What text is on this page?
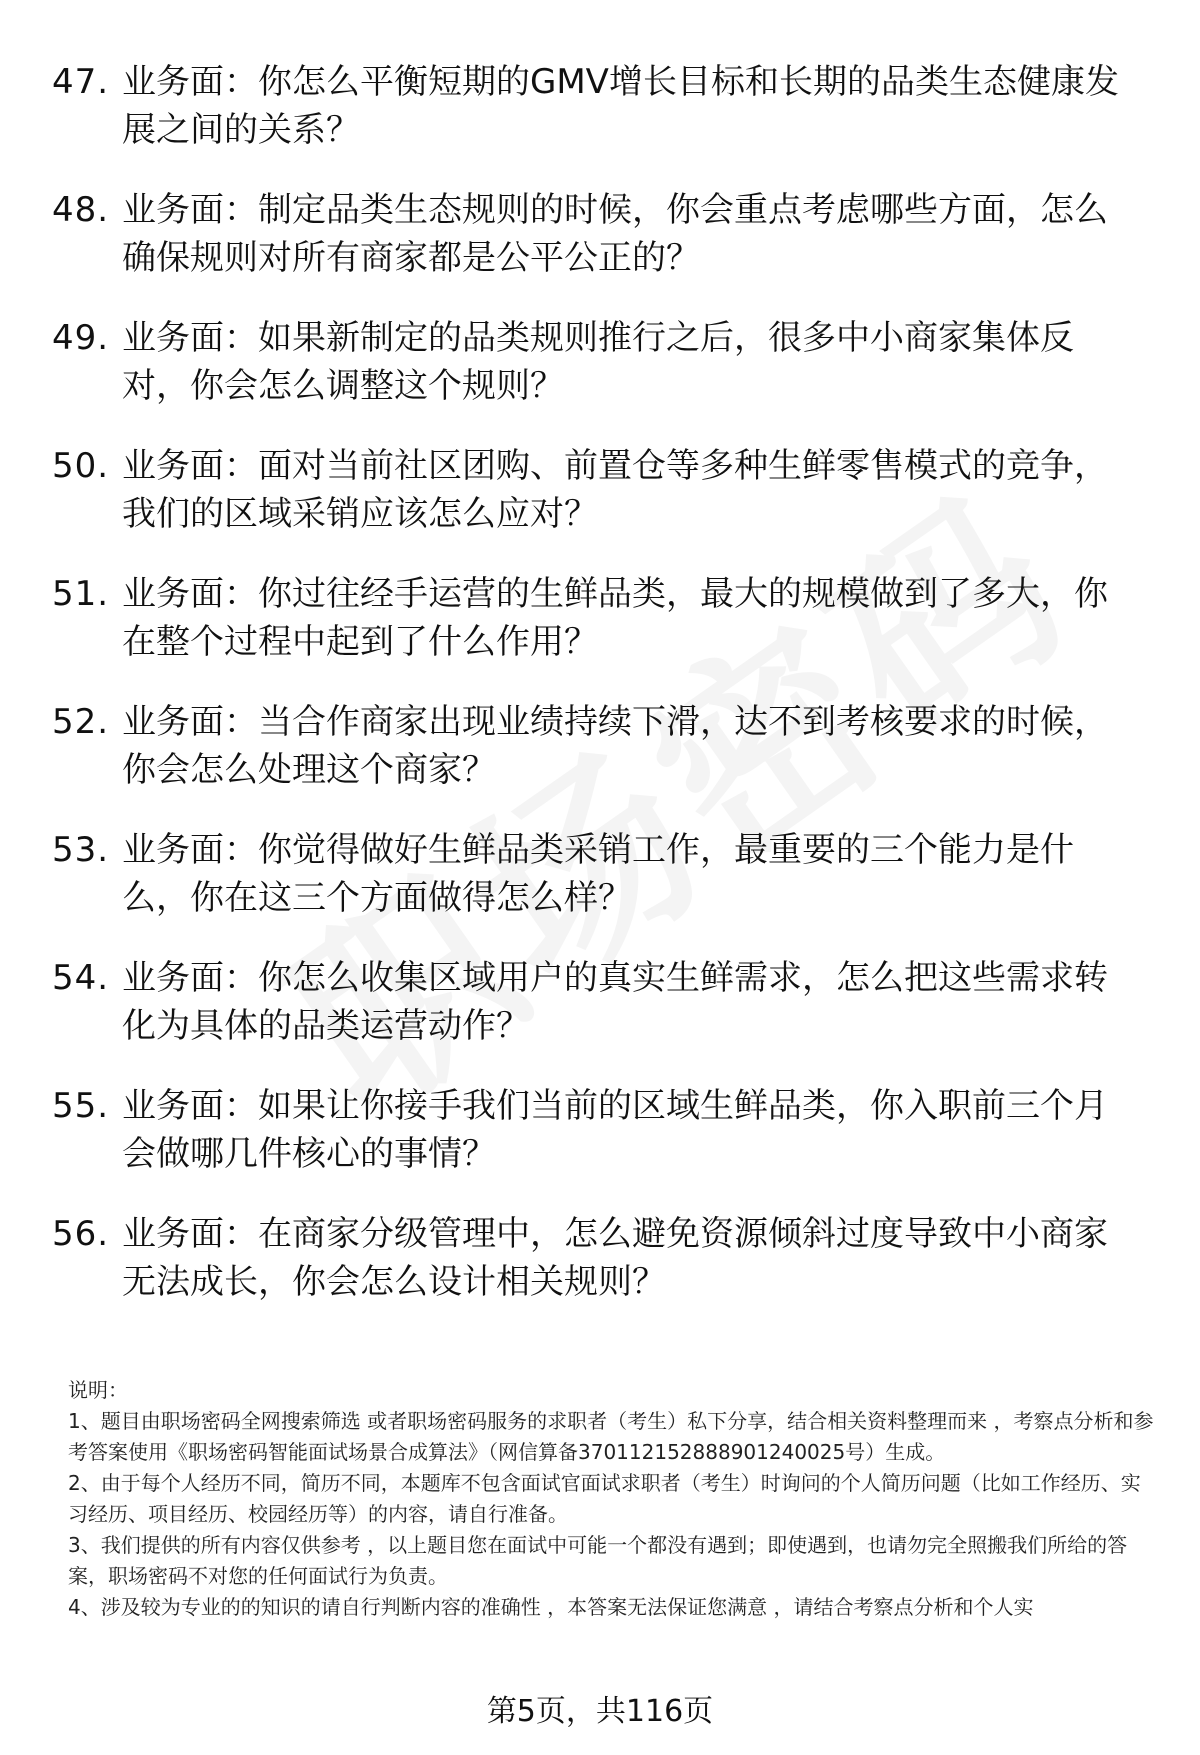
47. 业务面：你怎么平衡短期的GMV增长目标和长期的品类生态健康发展之间的关系？
48. 业务面：制定品类生态规则的时候，你会重点考虑哪些方面，怎么确保规则对所有商家都是公平公正的？
49. 业务面：如果新制定的品类规则推行之后，很多中小商家集体反对，你会怎么调整这个规则？
50. 业务面：面对当前社区团购、前置仓等多种生鲜零售模式的竞争，我们的区域采销应该怎么应对？
51. 业务面：你过往经手运营的生鲜品类，最大的规模做到了多大，你在整个过程中起到了什么作用？
52. 业务面：当合作商家出现业绩持续下滑，达不到考核要求的时候，你会怎么处理这个商家？
53. 业务面：你觉得做好生鲜品类采销工作，最重要的三个能力是什么，你在这三个方面做得怎么样？
54. 业务面：你怎么收集区域用户的真实生鲜需求，怎么把这些需求转化为具体的品类运营动作？
55. 业务面：如果让你接手我们当前的区域生鲜品类，你入职前三个月会做哪几件核心的事情？
56. 业务面：在商家分级管理中，怎么避免资源倾斜过度导致中小商家无法成长，你会怎么设计相关规则？

说明：

1、题目由职场密码全网搜索筛选 或者职场密码服务的求职者（考生）私下分享，结合相关资料整理而来 ，考察点分析和参考答案使用《职场密码智能面试场景合成算法》（网信算备370112152888901240025号）生成。

2、由于每个人经历不同，简历不同，本题库不包含面试官面试求职者（考生）时询问的个人简历问题（比如工作经历、实习经历、项目经历、校园经历等）的内容，请自行准备。

3、我们提供的所有内容仅供参考 ，以上题目您在面试中可能一个都没有遇到；即使遇到，也请勿完全照搬我们所给的答案，职场密码不对您的任何面试行为负责。

4、涉及较为专业的的知识的请自行判断内容的准确性 ，本答案无法保证您满意 ，请结合考察点分析和个人实

第5页，共116页
